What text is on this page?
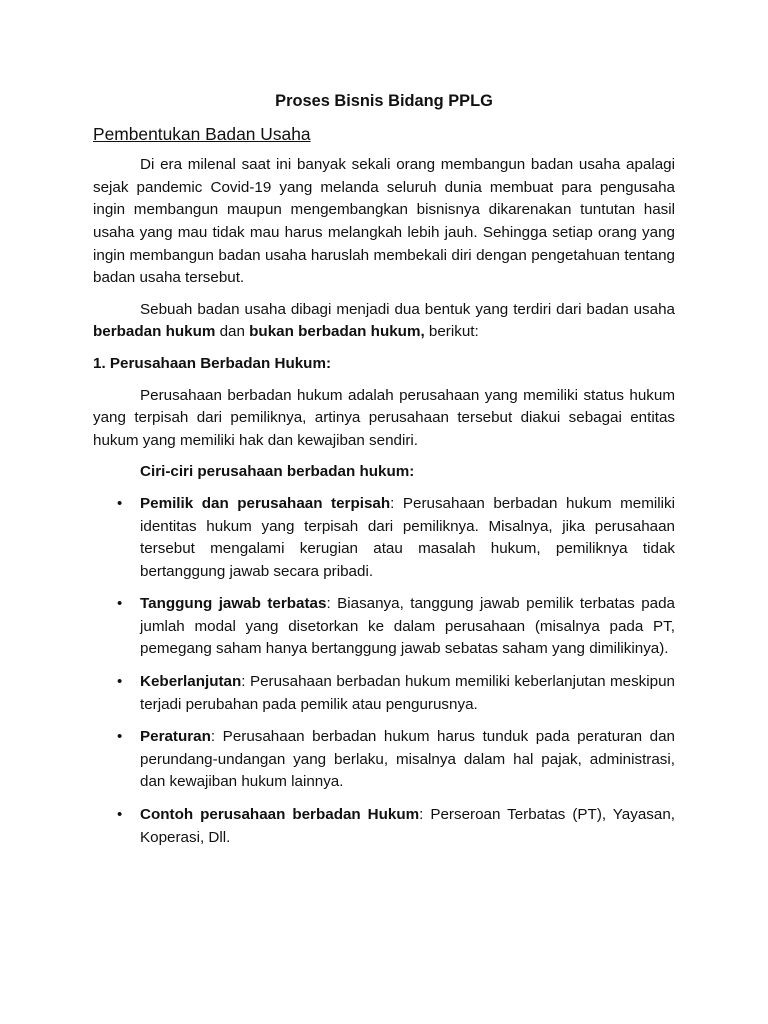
Proses Bisnis Bidang PPLG
Pembentukan Badan Usaha

Di era milenal saat ini banyak sekali orang membangun badan usaha apalagi sejak pandemic Covid-19 yang melanda seluruh dunia membuat para pengusaha ingin membangun maupun mengembangkan bisnisnya dikarenakan tuntutan hasil usaha yang mau tidak mau harus melangkah lebih jauh. Sehingga setiap orang yang ingin membangun badan usaha haruslah membekali diri dengan pengetahuan tentang badan usaha tersebut.

Sebuah badan usaha dibagi menjadi dua bentuk yang terdiri dari badan usaha berbadan hukum dan bukan berbadan hukum, berikut:

1. Perusahaan Berbadan Hukum:

Perusahaan berbadan hukum adalah perusahaan yang memiliki status hukum yang terpisah dari pemiliknya, artinya perusahaan tersebut diakui sebagai entitas hukum yang memiliki hak dan kewajiban sendiri.

Ciri-ciri perusahaan berbadan hukum:
• Pemilik dan perusahaan terpisah: Perusahaan berbadan hukum memiliki identitas hukum yang terpisah dari pemiliknya. Misalnya, jika perusahaan tersebut mengalami kerugian atau masalah hukum, pemiliknya tidak bertanggung jawab secara pribadi.
• Tanggung jawab terbatas: Biasanya, tanggung jawab pemilik terbatas pada jumlah modal yang disetorkan ke dalam perusahaan (misalnya pada PT, pemegang saham hanya bertanggung jawab sebatas saham yang dimilikinya).
• Keberlanjutan: Perusahaan berbadan hukum memiliki keberlanjutan meskipun terjadi perubahan pada pemilik atau pengurusnya.
• Peraturan: Perusahaan berbadan hukum harus tunduk pada peraturan dan perundang-undangan yang berlaku, misalnya dalam hal pajak, administrasi, dan kewajiban hukum lainnya.
• Contoh perusahaan berbadan Hukum: Perseroan Terbatas (PT), Yayasan, Koperasi, Dll.
